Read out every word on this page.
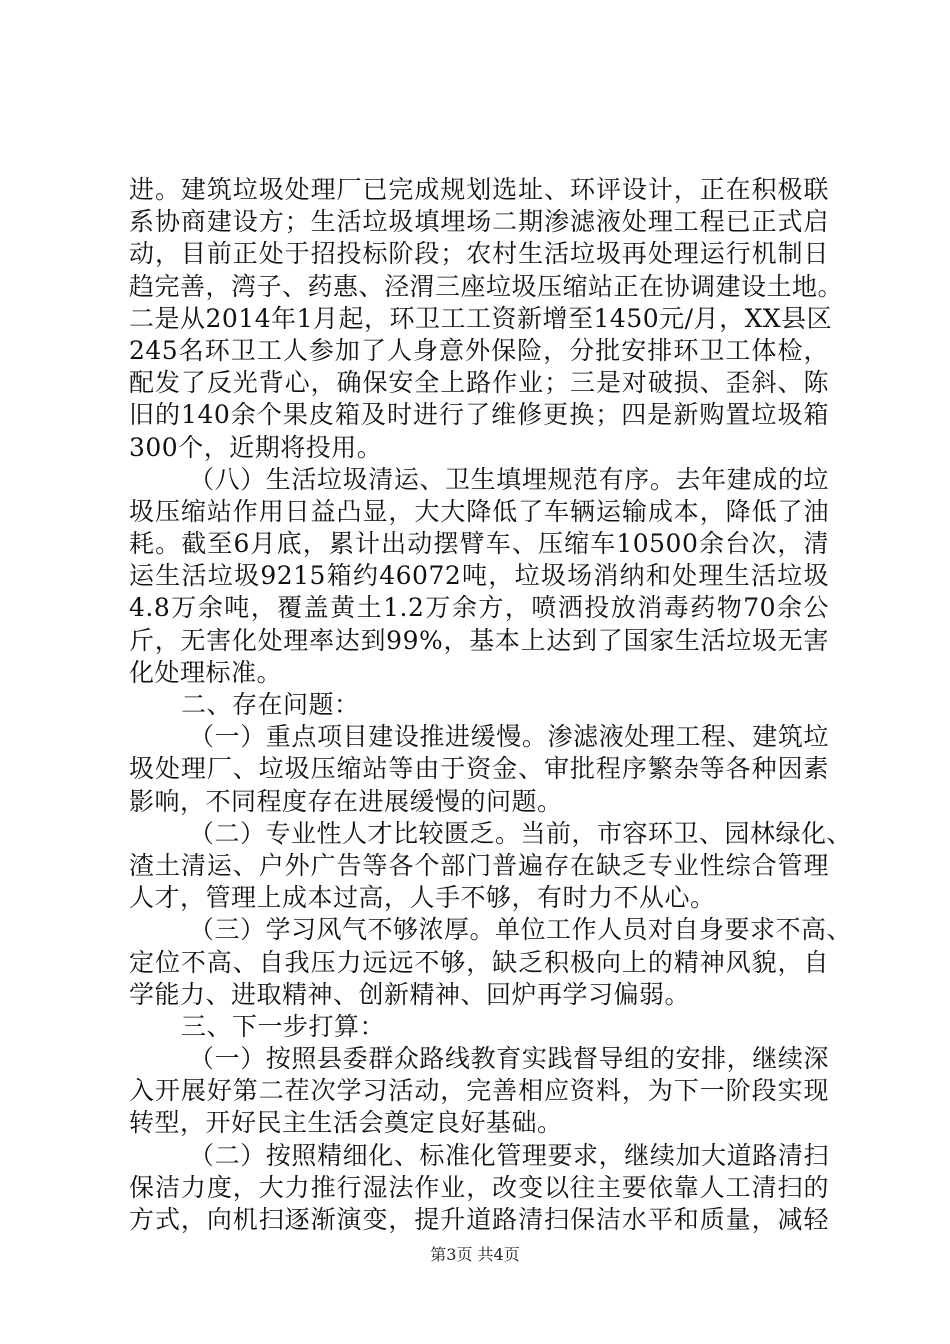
进。建筑垃圾处理厂已完成规划选址、环评设计，正在积极联
系协商建设方；生活垃圾填埋场二期渗滤液处理工程已正式启
动，目前正处于招投标阶段；农村生活垃圾再处理运行机制日
趋完善，湾子、药惠、泾渭三座垃圾压缩站正在协调建设土地。
二是从2014年1月起，环卫工工资新增至1450元/月，XX县区
245名环卫工人参加了人身意外保险，分批安排环卫工体检，
配发了反光背心，确保安全上路作业；三是对破损、歪斜、陈
旧的140余个果皮箱及时进行了维修更换；四是新购置垃圾箱
300个，近期将投用。
（八）生活垃圾清运、卫生填埋规范有序。去年建成的垃
圾压缩站作用日益凸显，大大降低了车辆运输成本，降低了油
耗。截至6月底，累计出动摆臂车、压缩车10500余台次，清
运生活垃圾9215箱约46072吨，垃圾场消纳和处理生活垃圾
4.8万余吨，覆盖黄土1.2万余方，喷洒投放消毒药物70余公
斤，无害化处理率达到99%，基本上达到了国家生活垃圾无害
化处理标准。
二、存在问题：
（一）重点项目建设推进缓慢。渗滤液处理工程、建筑垃
圾处理厂、垃圾压缩站等由于资金、审批程序繁杂等各种因素
影响，不同程度存在进展缓慢的问题。
（二）专业性人才比较匮乏。当前，市容环卫、园林绿化、
渣土清运、户外广告等各个部门普遍存在缺乏专业性综合管理
人才，管理上成本过高，人手不够，有时力不从心。
（三）学习风气不够浓厚。单位工作人员对自身要求不高、
定位不高、自我压力远远不够，缺乏积极向上的精神风貌，自
学能力、进取精神、创新精神、回炉再学习偏弱。
三、下一步打算：
（一）按照县委群众路线教育实践督导组的安排，继续深
入开展好第二茬次学习活动，完善相应资料，为下一阶段实现
转型，开好民主生活会奠定良好基础。
（二）按照精细化、标准化管理要求，继续加大道路清扫
保洁力度，大力推行湿法作业，改变以往主要依靠人工清扫的
方式，向机扫逐渐演变，提升道路清扫保洁水平和质量，减轻
第3页 共4页
